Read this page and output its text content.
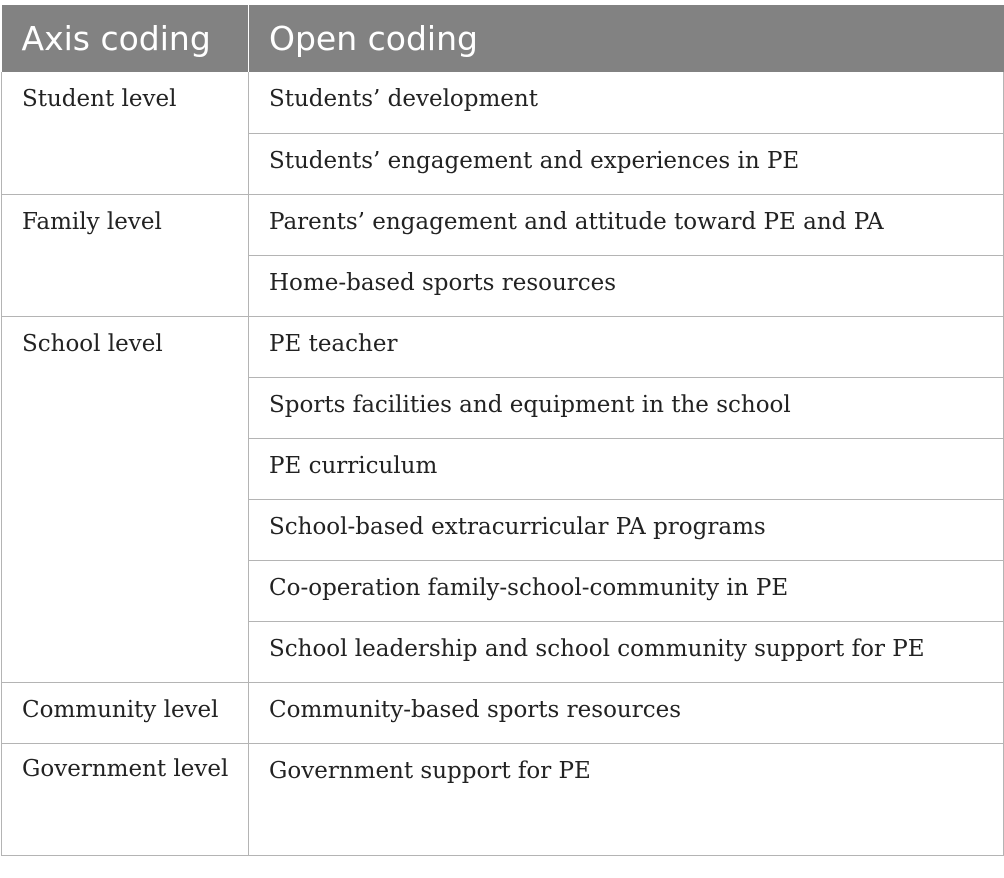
Axis coding	Open coding
Student level	Students’ development
	Students’ engagement and experiences in PE
Family level	Parents’ engagement and attitude toward PE and PA
	Home-based sports resources
School level	PE teacher
	Sports facilities and equipment in the school
	PE curriculum
	School-based extracurricular PA programs
	Co-operation family-school-community in PE
	School leadership and school community support for PE
Community level	Community-based sports resources
Government level	Government support for PE
